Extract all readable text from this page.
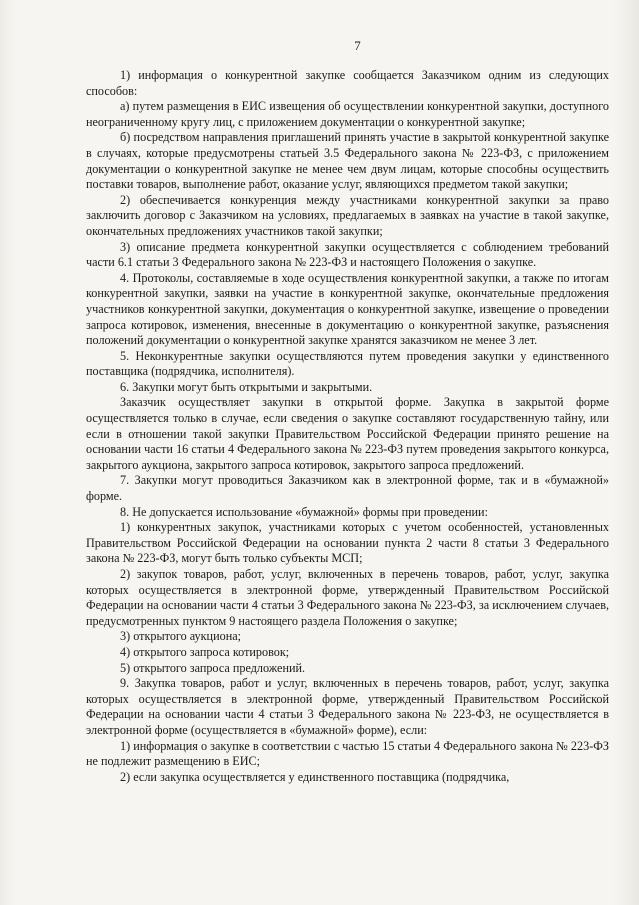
7

1) информация о конкурентной закупке сообщается Заказчиком одним из следующих способов:

а) путем размещения в ЕИС извещения об осуществлении конкурентной закупки, доступного неограниченному кругу лиц, с приложением документации о конкурентной закупке;

б) посредством направления приглашений принять участие в закрытой конкурентной закупке в случаях, которые предусмотрены статьей 3.5 Федерального закона № 223-ФЗ, с приложением документации о конкурентной закупке не менее чем двум лицам, которые способны осуществить поставки товаров, выполнение работ, оказание услуг, являющихся предметом такой закупки;

2) обеспечивается конкуренция между участниками конкурентной закупки за право заключить договор с Заказчиком на условиях, предлагаемых в заявках на участие в такой закупке, окончательных предложениях участников такой закупки;

3) описание предмета конкурентной закупки осуществляется с соблюдением требований части 6.1 статьи 3 Федерального закона № 223-ФЗ и настоящего Положения о закупке.

4. Протоколы, составляемые в ходе осуществления конкурентной закупки, а также по итогам конкурентной закупки, заявки на участие в конкурентной закупке, окончательные предложения участников конкурентной закупки, документация о конкурентной закупке, извещение о проведении запроса котировок, изменения, внесенные в документацию о конкурентной закупке, разъяснения положений документации о конкурентной закупке хранятся заказчиком не менее 3 лет.

5. Неконкурентные закупки осуществляются путем проведения закупки у единственного поставщика (подрядчика, исполнителя).

6. Закупки могут быть открытыми и закрытыми.

Заказчик осуществляет закупки в открытой форме. Закупка в закрытой форме осуществляется только в случае, если сведения о закупке составляют государственную тайну, или если в отношении такой закупки Правительством Российской Федерации принято решение на основании части 16 статьи 4 Федерального закона № 223-ФЗ путем проведения закрытого конкурса, закрытого аукциона, закрытого запроса котировок, закрытого запроса предложений.

7. Закупки могут проводиться Заказчиком как в электронной форме, так и в «бумажной» форме.

8. Не допускается использование «бумажной» формы при проведении:

1) конкурентных закупок, участниками которых с учетом особенностей, установленных Правительством Российской Федерации на основании пункта 2 части 8 статьи 3 Федерального закона № 223-ФЗ, могут быть только субъекты МСП;

2) закупок товаров, работ, услуг, включенных в перечень товаров, работ, услуг, закупка которых осуществляется в электронной форме, утвержденный Правительством Российской Федерации на основании части 4 статьи 3 Федерального закона № 223-ФЗ, за исключением случаев, предусмотренных пунктом 9 настоящего раздела Положения о закупке;

3) открытого аукциона;

4) открытого запроса котировок;

5) открытого запроса предложений.

9. Закупка товаров, работ и услуг, включенных в перечень товаров, работ, услуг, закупка которых осуществляется в электронной форме, утвержденный Правительством Российской Федерации на основании части 4 статьи 3 Федерального закона № 223-ФЗ, не осуществляется в электронной форме (осуществляется в «бумажной» форме), если:

1) информация о закупке в соответствии с частью 15 статьи 4 Федерального закона № 223-ФЗ не подлежит размещению в ЕИС;

2) если закупка осуществляется у единственного поставщика (подрядчика,
